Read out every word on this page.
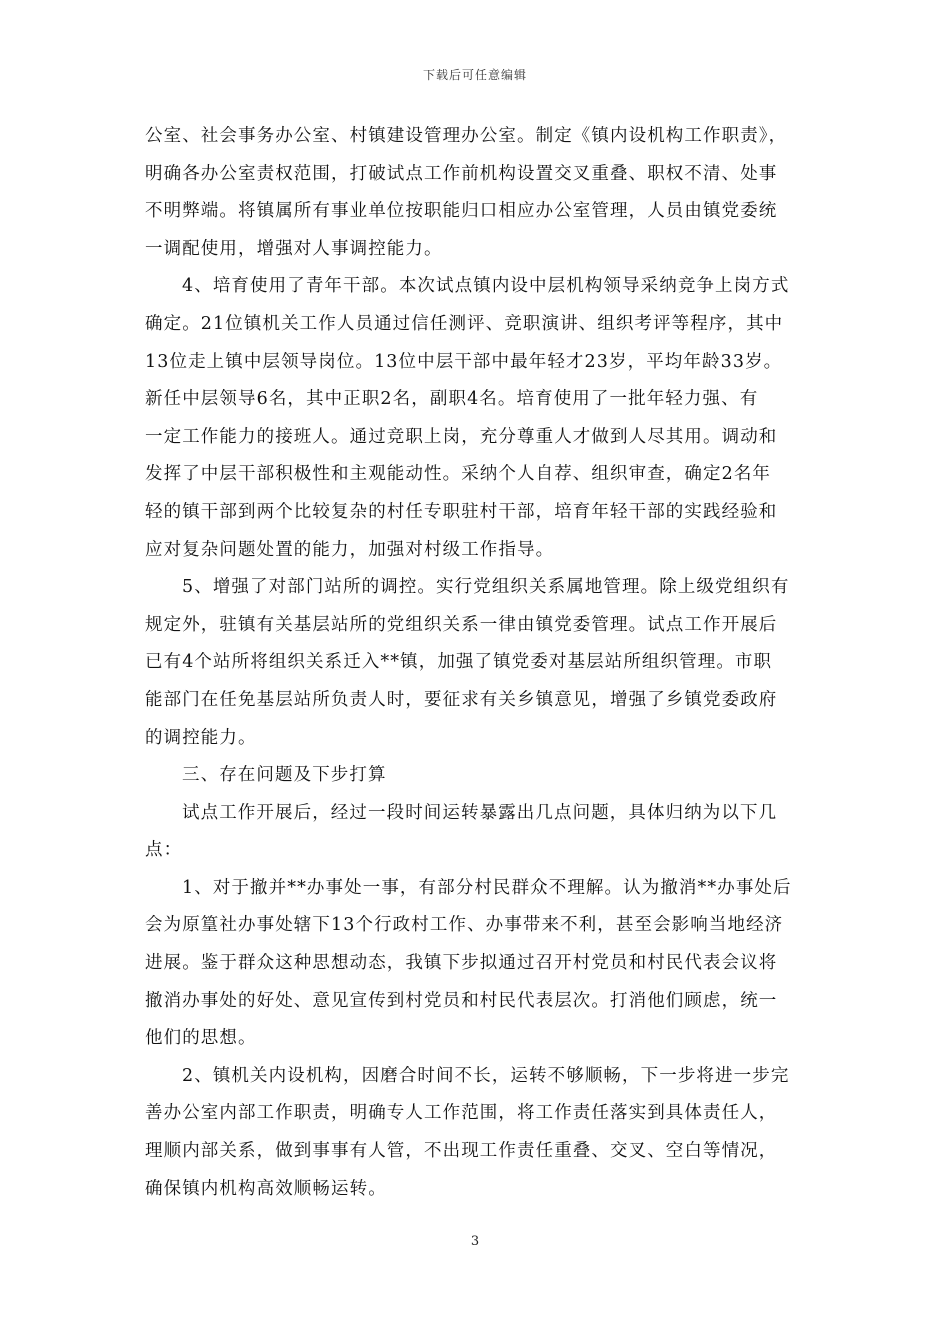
下载后可任意编辑
公室、社会事务办公室、村镇建设管理办公室。制定《镇内设机构工作职责》，
明确各办公室责权范围，打破试点工作前机构设置交叉重叠、职权不清、处事
不明弊端。将镇属所有事业单位按职能归口相应办公室管理，人员由镇党委统
一调配使用，增强对人事调控能力。
4、培育使用了青年干部。本次试点镇内设中层机构领导采纳竞争上岗方式
确定。21位镇机关工作人员通过信任测评、竞职演讲、组织考评等程序，其中
13位走上镇中层领导岗位。13位中层干部中最年轻才23岁，平均年龄33岁。
新任中层领导6名，其中正职2名，副职4名。培育使用了一批年轻力强、有
一定工作能力的接班人。通过竞职上岗，充分尊重人才做到人尽其用。调动和
发挥了中层干部积极性和主观能动性。采纳个人自荐、组织审查，确定2名年
轻的镇干部到两个比较复杂的村任专职驻村干部，培育年轻干部的实践经验和
应对复杂问题处置的能力，加强对村级工作指导。
5、增强了对部门站所的调控。实行党组织关系属地管理。除上级党组织有
规定外，驻镇有关基层站所的党组织关系一律由镇党委管理。试点工作开展后
已有4个站所将组织关系迁入**镇，加强了镇党委对基层站所组织管理。市职
能部门在任免基层站所负责人时，要征求有关乡镇意见，增强了乡镇党委政府
的调控能力。
三、存在问题及下步打算
试点工作开展后，经过一段时间运转暴露出几点问题，具体归纳为以下几
点：
1、对于撤并**办事处一事，有部分村民群众不理解。认为撤消**办事处后
会为原篁社办事处辖下13个行政村工作、办事带来不利，甚至会影响当地经济
进展。鉴于群众这种思想动态，我镇下步拟通过召开村党员和村民代表会议将
撤消办事处的好处、意见宣传到村党员和村民代表层次。打消他们顾虑，统一
他们的思想。
2、镇机关内设机构，因磨合时间不长，运转不够顺畅，下一步将进一步完
善办公室内部工作职责，明确专人工作范围，将工作责任落实到具体责任人，
理顺内部关系，做到事事有人管，不出现工作责任重叠、交叉、空白等情况，
确保镇内机构高效顺畅运转。
3
